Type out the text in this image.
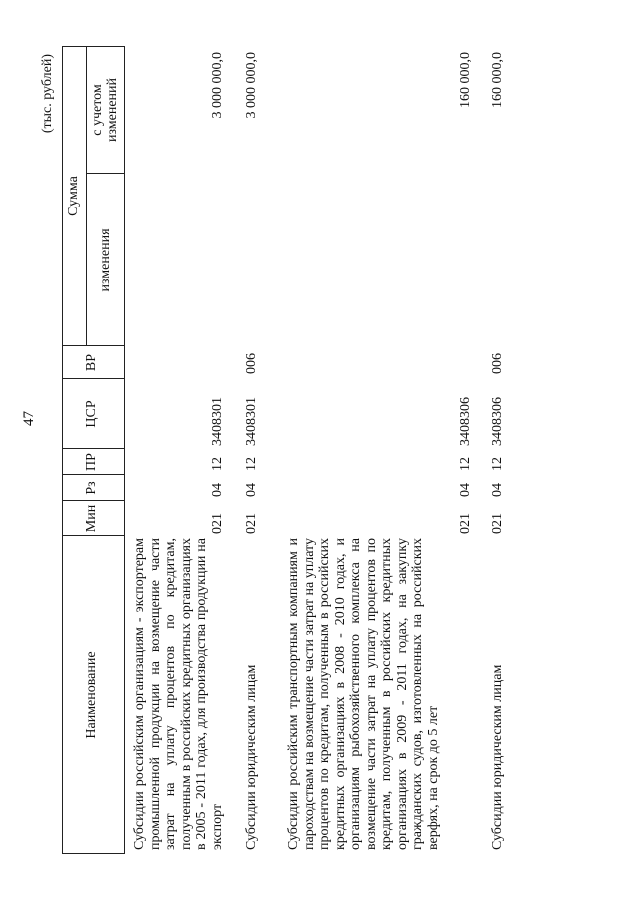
47
(тыс. рублей)
Наименование
Мин
Рз
ПР
ЦСР
ВР
Сумма
изменения
с учетом изменений
Субсидии российским организациям - экспортерам промышленной продукции на возмещение части затрат на уплату процентов по кредитам, полученным в российских кредитных организациях в 2005 - 2011 годах, для производства продукции на экспорт
021
04
12
3408301
3 000 000,0
Субсидии юридическим лицам
021
04
12
3408301
006
3 000 000,0
Субсидии российским транспортным компаниям и пароходствам на возмещение части затрат на уплату процентов по кредитам, полученным в российских кредитных организациях в 2008 - 2010 годах, и организациям рыбохозяйственного комплекса на возмещение части затрат на уплату процентов по кредитам, полученным в российских кредитных организациях в 2009 - 2011 годах, на закупку гражданских судов, изготовленных на российских верфях, на срок до 5 лет
021
04
12
3408306
160 000,0
Субсидии юридическим лицам
021
04
12
3408306
006
160 000,0
